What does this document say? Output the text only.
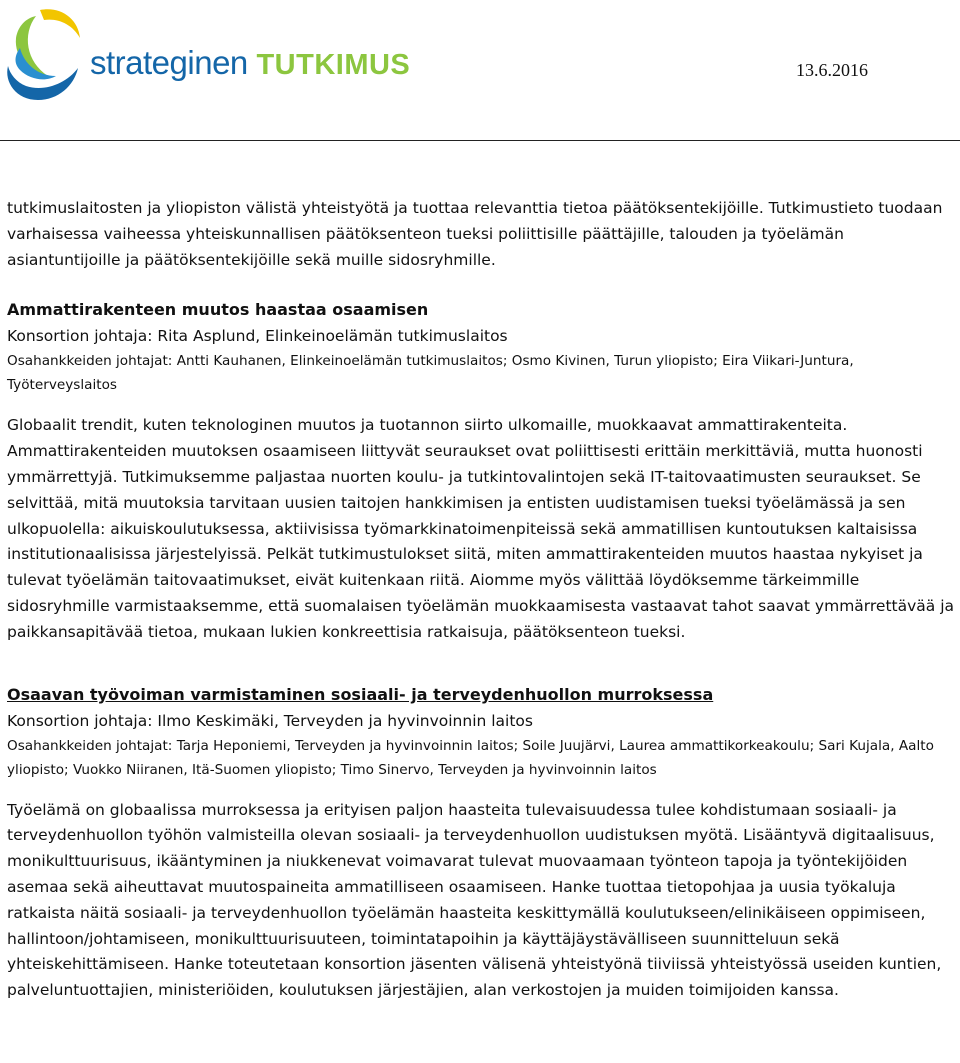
strateginen TUTKIMUS	13.6.2016

tutkimuslaitosten ja yliopiston välistä yhteistyötä ja tuottaa relevanttia tietoa päätöksentekijöille. Tutkimustieto tuodaan varhaisessa vaiheessa yhteiskunnallisen päätöksenteon tueksi poliittisille päättäjille, talouden ja työelämän asiantuntijoille ja päätöksentekijöille sekä muille sidosryhmille.

Ammattirakenteen muutos haastaa osaamisen

Konsortion johtaja: Rita Asplund, Elinkeinoelämän tutkimuslaitos

Osahankkeiden johtajat: Antti Kauhanen, Elinkeinoelämän tutkimuslaitos; Osmo Kivinen, Turun yliopisto; Eira Viikari-Juntura, Työterveyslaitos

Globaalit trendit, kuten teknologinen muutos ja tuotannon siirto ulkomaille, muokkaavat ammattirakenteita. Ammattirakenteiden muutoksen osaamiseen liittyvät seuraukset ovat poliittisesti erittäin merkittäviä, mutta huonosti ymmärrettyjä. Tutkimuksemme paljastaa nuorten koulu- ja tutkintovalintojen sekä IT-taitovaatimusten seuraukset. Se selvittää, mitä muutoksia tarvitaan uusien taitojen hankkimisen ja entisten uudistamisen tueksi työelämässä ja sen ulkopuolella: aikuiskoulutuksessa, aktiivisissa työmarkkinatoimenpiteissä sekä ammatillisen kuntoutuksen kaltaisissa institutionaalisissa järjestelyissä. Pelkät tutkimustulokset siitä, miten ammattirakenteiden muutos haastaa nykyiset ja tulevat työelämän taitovaatimukset, eivät kuitenkaan riitä. Aiomme myös välittää löydöksemme tärkeimmille sidosryhmille varmistaaksemme, että suomalaisen työelämän muokkaamisesta vastaavat tahot saavat ymmärrettävää ja paikkansapitävää tietoa, mukaan lukien konkreettisia ratkaisuja, päätöksenteon tueksi.

Osaavan työvoiman varmistaminen sosiaali- ja terveydenhuollon murroksessa

Konsortion johtaja: Ilmo Keskimäki, Terveyden ja hyvinvoinnin laitos

Osahankkeiden johtajat: Tarja Heponiemi, Terveyden ja hyvinvoinnin laitos; Soile Juujärvi, Laurea ammattikorkeakoulu; Sari Kujala, Aalto yliopisto; Vuokko Niiranen, Itä-Suomen yliopisto; Timo Sinervo, Terveyden ja hyvinvoinnin laitos

Työelämä on globaalissa murroksessa ja erityisen paljon haasteita tulevaisuudessa tulee kohdistumaan sosiaali- ja terveydenhuollon työhön valmisteilla olevan sosiaali- ja terveydenhuollon uudistuksen myötä. Lisääntyvä digitaalisuus, monikulttuurisuus, ikääntyminen ja niukkenevat voimavarat tulevat muovaamaan työnteon tapoja ja työntekijöiden asemaa sekä aiheuttavat muutospaineita ammatilliseen osaamiseen. Hanke tuottaa tietopohjaa ja uusia työkaluja ratkaista näitä sosiaali- ja terveydenhuollon työelämän haasteita keskittymällä koulutukseen/elinikäiseen oppimiseen, hallintoon/johtamiseen, monikulttuurisuuteen, toimintatapoihin ja käyttäjäystävälliseen suunnitteluun sekä yhteiskehittämiseen. Hanke toteutetaan konsortion jäsenten välisenä yhteistyönä tiiviissä yhteistyössä useiden kuntien, palveluntuottajien, ministeriöiden, koulutuksen järjestäjien, alan verkostojen ja muiden toimijoiden kanssa.
